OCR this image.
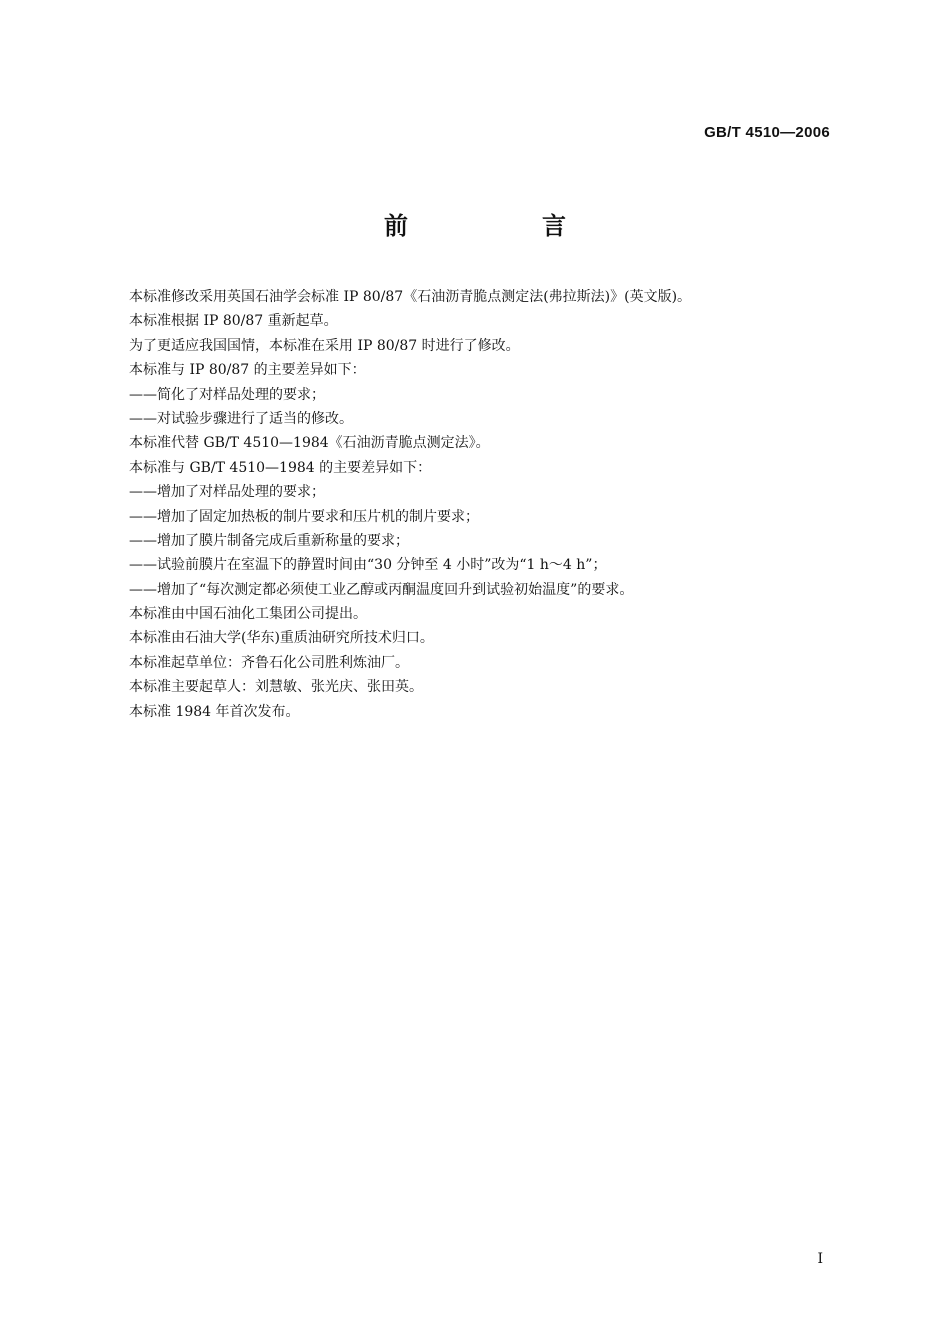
GB/T 4510—2006

前　言
本标准修改采用英国石油学会标准 IP 80/87《石油沥青脆点测定法(弗拉斯法)》(英文版)。
本标准根据 IP 80/87 重新起草。
为了更适应我国国情，本标准在采用 IP 80/87 时进行了修改。
本标准与 IP 80/87 的主要差异如下：
——简化了对样品处理的要求；
——对试验步骤进行了适当的修改。
本标准代替 GB/T 4510—1984《石油沥青脆点测定法》。
本标准与 GB/T 4510—1984 的主要差异如下：
——增加了对样品处理的要求；
——增加了固定加热板的制片要求和压片机的制片要求；
——增加了膜片制备完成后重新称量的要求；
——试验前膜片在室温下的静置时间由“30 分钟至 4 小时”改为“1 h～4 h”；
——增加了“每次测定都必须使工业乙醇或丙酮温度回升到试验初始温度”的要求。
本标准由中国石油化工集团公司提出。
本标准由石油大学(华东)重质油研究所技术归口。
本标准起草单位：齐鲁石化公司胜利炼油厂。
本标准主要起草人：刘慧敏、张光庆、张田英。
本标准 1984 年首次发布。

I
